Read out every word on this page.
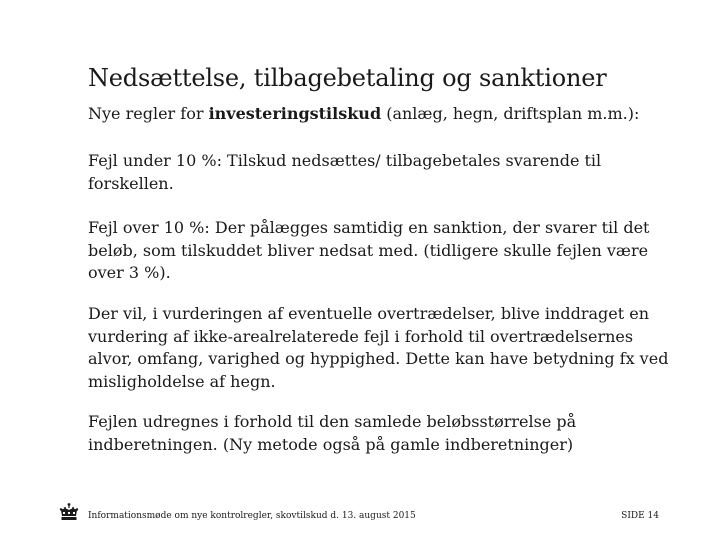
Nedsættelse, tilbagebetaling og sanktioner

Nye regler for investeringstilskud (anlæg, hegn, driftsplan m.m.):

Fejl under 10 %: Tilskud nedsættes/ tilbagebetales svarende til forskellen.

Fejl over 10 %: Der pålægges samtidig en sanktion, der svarer til det beløb, som tilskuddet bliver nedsat med. (tidligere skulle fejlen være over 3 %).

Der vil, i vurderingen af eventuelle overtrædelser, blive inddraget en vurdering af ikke-arealrelaterede fejl i forhold til overtrædelsernes alvor, omfang, varighed og hyppighed. Dette kan have betydning fx ved misligholdelse af hegn.

Fejlen udregnes i forhold til den samlede beløbsstørrelse på indberetningen. (Ny metode også på gamle indberetninger)

Informationsmøde om nye kontrolregler, skovtilskud d. 13. august 2015	SIDE 14
